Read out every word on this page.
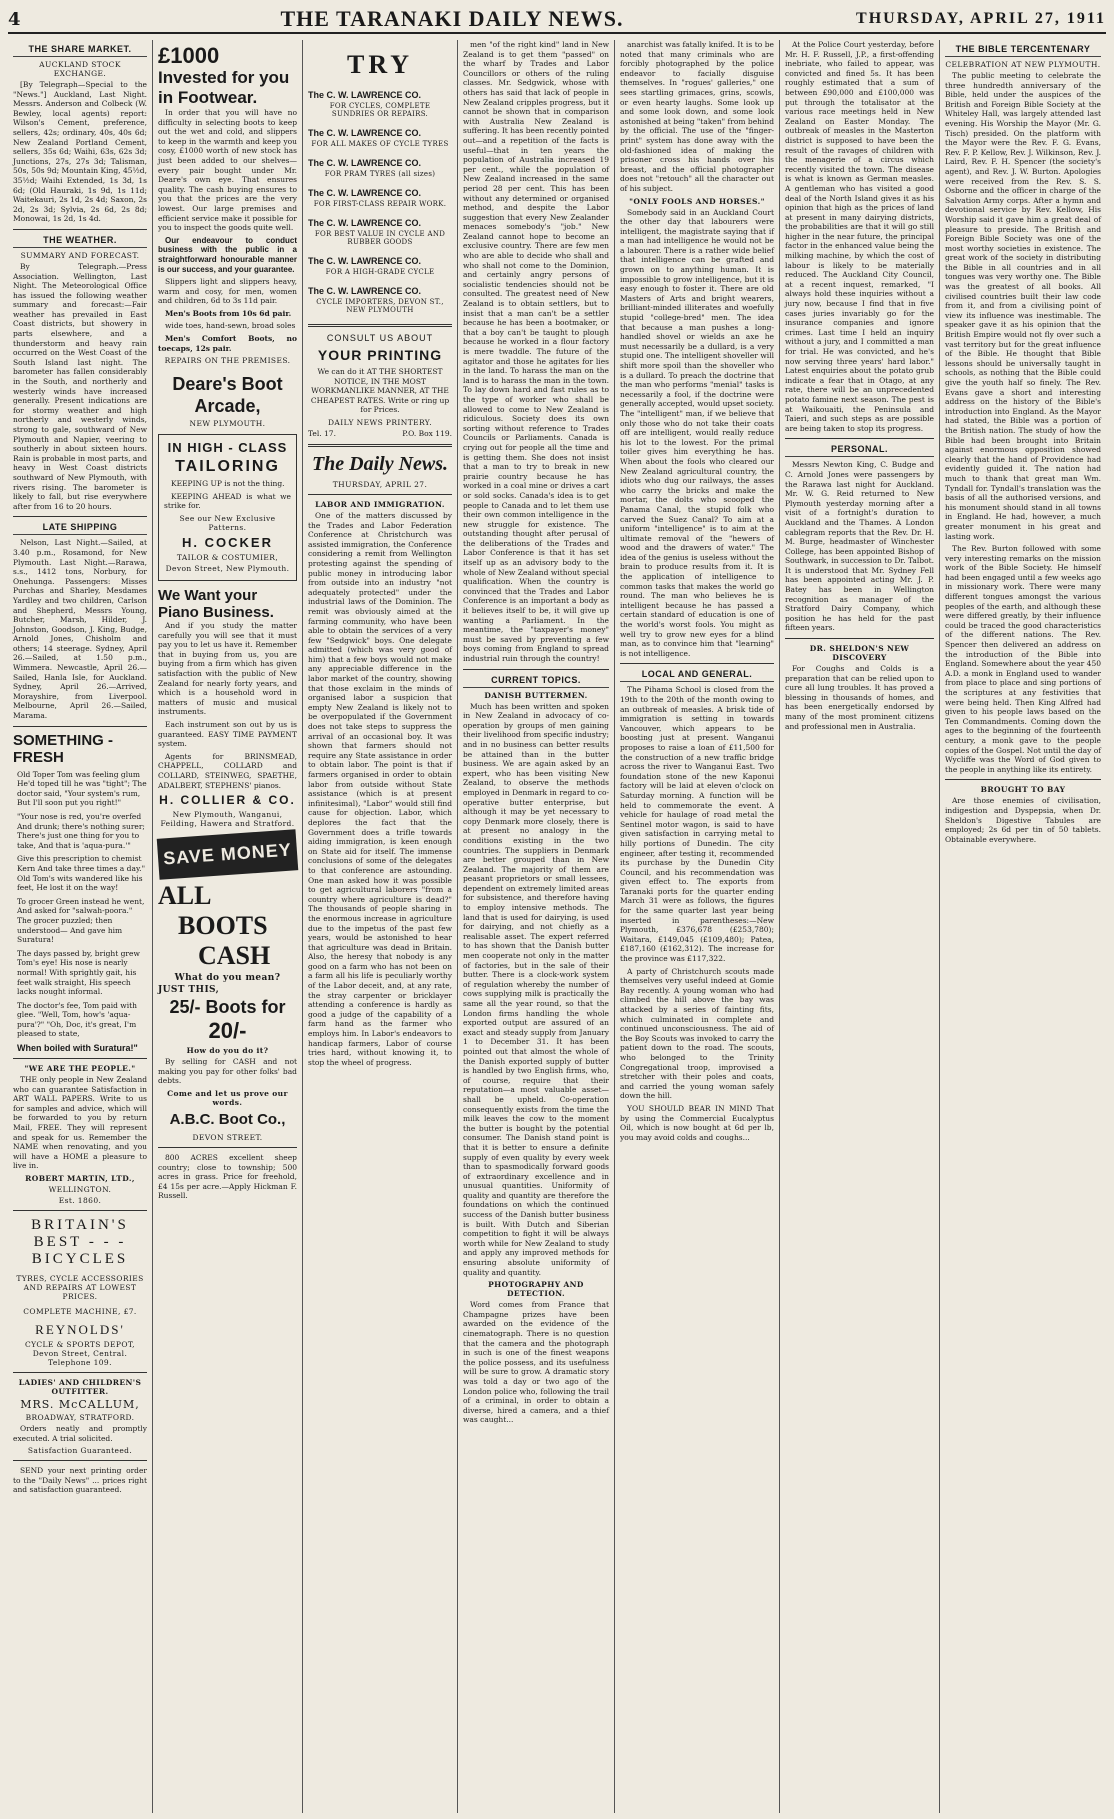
4	THE TARANAKI DAILY NEWS.	THURSDAY, APRIL 27, 1911
THE SHARE MARKET.
AUCKLAND STOCK EXCHANGE.

[By Telegraph—Special to the "News."] Auckland, Last Night. Messrs. Anderson and Colbeck (W. Bewley, local agents) report: Wilson's Cement, preference, sellers, 42s; ordinary, 40s, 40s 6d; New Zealand Portland Cement, sellers, 35s 6d; Waihi, 63s, 62s 3d; Junctions, 27s, 27s 3d; Talisman, 50s, 50s 9d; Mountain King, 45½d, 35½d; Waihi Extended, 1s 3d, 1s 6d; (Old Hauraki, 1s 9d, 1s 11d; Waitekauri, 2s 1d, 2s 4d; Saxon, 2s 2d, 2s 3d; Sylvia, 2s 6d, 2s 8d; Monowai, 1s 2d, 1s 4d.

THE WEATHER.
SUMMARY AND FORECAST.

By Telegraph.—Press Association. Wellington, Last Night. The Meteorological Office has issued the following weather summary and forecast:—Fair weather has prevailed in East Coast districts, but showery in parts elsewhere, and a thunderstorm and heavy rain occurred on the West Coast of the South Island last night. The barometer has fallen considerably in the South, and northerly and westerly winds have increased generally. Present indications are for stormy weather and high northerly and westerly winds, strong to gale, southward of New Plymouth and Napier, veering to southerly in about sixteen hours. Rain is probable in most parts, and heavy in West Coast districts southward of New Plymouth, with rivers rising. The barometer is likely to fall, but rise everywhere after from 16 to 20 hours.

LATE SHIPPING

Nelson, Last Night.—Sailed, at 3.40 p.m., Rosamond, for New Plymouth. Last Night.—Rarawa, s.s., 1412 tons, Norbury, for Onehunga. Passengers: Misses Purchas and Sharley, Mesdames Yardley and two children, Carlson and Shepherd, Messrs Young, Butcher, Marsh, Hilder, J. Johnston, Goodson, J. King, Budge, Arnold Jones, Chisholm and others; 14 steerage. Sydney, April 26.—Sailed, at 1.50 p.m., Wimmera. Newcastle, April 26.—Sailed, Hanla Isle, for Auckland. Sydney, April 26.—Arrived, Morayshire, from Liverpool. Melbourne, April 26.—Sailed, Marama.

SOMETHING - FRESH

Old Toper Tom was feeling glum He'd toped till he was "tight"; The doctor said, "Your system's rum, But I'll soon put you right!"

"Your nose is red, you're overfed And drunk; there's nothing surer; There's just one thing for you to take, And that is 'aqua-pura.'"

Give this prescription to chemist Kern And take three times a day." Old Tom's wits wandered like his feet, He lost it on the way!

To grocer Green instead he went, And asked for "salwah-poora." The grocer puzzled; then understood— And gave him Suratura!

The days passed by, bright grew Tom's eye! His nose is nearly normal! With sprightly gait, his feet walk straight, His speech lacks nought informal.

The doctor's fee, Tom paid with glee. "Well, Tom, how's 'aqua-pura'?" "Oh, Doc, it's great, I'm pleased to state,

When boiled with Suratura!"
"WE ARE THE PEOPLE."

THE only people in New Zealand who can guarantee Satisfaction in ART WALL PAPERS. Write to us for samples and advice, which will be forwarded to you by return Mail, FREE. They will represent and speak for us. Remember the NAME when renovating, and you will have a HOME a pleasure to live in.

ROBERT MARTIN, LTD.,
WELLINGTON.
Est. 1860.
BRITAIN'S
BEST - - -
BICYCLES
TYRES, CYCLE ACCESSORIES AND REPAIRS AT LOWEST PRICES.
COMPLETE MACHINE, £7.
REYNOLDS'
CYCLE & SPORTS DEPOT, Devon Street, Central. Telephone 109.
LADIES' AND CHILDREN'S OUTFITTER.
MRS. McCALLUM,
BROADWAY, STRATFORD.

Orders neatly and promptly executed. A trial solicited.

Satisfaction Guaranteed.

SEND your next printing order to the "Daily News" ... prices right and satisfaction guaranteed.

£1000
Invested for you in Footwear.

In order that you will have no difficulty in selecting boots to keep out the wet and cold, and slippers to keep in the warmth and keep you cosy, £1000 worth of new stock has just been added to our shelves—every pair bought under Mr. Deare's own eye. That ensures quality. The cash buying ensures to you that the prices are the very lowest. Our large premises and efficient service make it possible for you to inspect the goods quite well.

Our endeavour to conduct business with the public in a straightforward honourable manner is our success, and your guarantee.

Slippers light and slippers heavy, warm and cosy, for men, women and children, 6d to 3s 11d pair.

Men's Boots from 10s 6d pair.

wide toes, hand-sewn, broad soles

Men's Comfort Boots, no toecaps, 12s pair.

REPAIRS ON THE PREMISES.
Deare's Boot Arcade,
NEW PLYMOUTH.
IN HIGH - CLASS
TAILORING

KEEPING UP is not the thing.

KEEPING AHEAD is what we strike for.

See our New Exclusive Patterns.
H. COCKER
TAILOR & COSTUMIER,
Devon Street, New Plymouth.
We Want your Piano Business.

And if you study the matter carefully you will see that it must pay you to let us have it. Remember that in buying from us, you are buying from a firm which has given satisfaction with the public of New Zealand for nearly forty years, and which is a household word in matters of music and musical instruments.

Each instrument son out by us is guaranteed. EASY TIME PAYMENT system.

Agents for BRINSMEAD, CHAPPELL, COLLARD and COLLARD, STEINWEG, SPAETHE, ADALBERT, STEPHENS' pianos.

H. COLLIER & CO.
New Plymouth, Wanganui, Feilding, Hawera and Stratford.
SAVE MONEY
ALL
BOOTS
CASH
What do you mean?
JUST THIS,
25/- Boots for
20/-
How do you do it?

By selling for CASH and not making you pay for other folks' bad debts.

Come and let us prove our words.
A.B.C. Boot Co.,
DEVON STREET.

800 ACRES excellent sheep country; close to township; 500 acres in grass. Price for freehold, £4 15s per acre.—Apply Hickman F. Russell.

TRY
The C. W. LAWRENCE CO.
FOR CYCLES, COMPLETE SUNDRIES OR REPAIRS.
The C. W. LAWRENCE CO.
FOR ALL MAKES OF CYCLE TYRES
The C. W. LAWRENCE CO.
FOR PRAM TYRES (all sizes)
The C. W. LAWRENCE CO.
FOR FIRST-CLASS REPAIR WORK.
The C. W. LAWRENCE CO.
FOR BEST VALUE IN CYCLE AND RUBBER GOODS
The C. W. LAWRENCE CO.
FOR A HIGH-GRADE CYCLE
The C. W. LAWRENCE CO.
CYCLE IMPORTERS, DEVON ST., NEW PLYMOUTH
CONSULT US ABOUT
YOUR PRINTING

We can do it AT THE SHORTEST NOTICE, IN THE MOST WORKMANLIKE MANNER, AT THE CHEAPEST RATES. Write or ring up for Prices.

DAILY NEWS PRINTERY.
Tel. 17.	P.O. Box 119.
The Daily News.
THURSDAY, APRIL 27.
LABOR AND IMMIGRATION.

One of the matters discussed by the Trades and Labor Federation Conference at Christchurch was assisted immigration, the Conference considering a remit from Wellington protesting against the spending of public money in introducing labor from outside into an industry "not adequately protected" under the industrial laws of the Dominion. The remit was obviously aimed at the farming community, who have been able to obtain the services of a very few "Sedgwick" boys. One delegate admitted (which was very good of him) that a few boys would not make any appreciable difference in the labor market of the country, showing that those exclaim in the minds of organised labor a suspicion that empty New Zealand is likely not to be overpopulated if the Government does not take steps to suppress the arrival of an occasional boy. It was shown that farmers should not require any State assistance in order to obtain labor. The point is that if farmers organised in order to obtain labor from outside without State assistance (which is at present infinitesimal), "Labor" would still find cause for objection. Labor, which deplores the fact that the Government does a trifle towards aiding immigration, is keen enough on State aid for itself. The immense conclusions of some of the delegates to that conference are astounding. One man asked how it was possible to get agricultural laborers "from a country where agriculture is dead?" The thousands of people sharing in the enormous increase in agriculture due to the impetus of the past few years, would be astonished to hear that agriculture was dead in Britain. Also, the heresy that nobody is any good on a farm who has not been on a farm all his life is peculiarly worthy of the Labor deceit, and, at any rate, the stray carpenter or bricklayer attending a conference is hardly as good a judge of the capability of a farm hand as the farmer who employs him. In Labor's endeavors to handicap farmers, Labor of course tries hard, without knowing it, to stop the wheel of progress.

men "of the right kind" land in New Zealand is to get them "passed" on the wharf by Trades and Labor Councillors or others of the ruling classes. Mr. Sedgwick, whose with others has said that lack of people in New Zealand cripples progress, but it cannot be shown that in comparison with Australia New Zealand is suffering. It has been recently pointed out—and a repetition of the facts is useful—that in ten years the population of Australia increased 19 per cent., while the population of New Zealand increased in the same period 28 per cent. This has been without any determined or organised method, and despite the Labor suggestion that every New Zealander menaces somebody's "job." New Zealand cannot hope to become an exclusive country. There are few men who are able to decide who shall and who shall not come to the Dominion, and certainly angry persons of socialistic tendencies should not be consulted. The greatest need of New Zealand is to obtain settlers, but to insist that a man can't be a settler because he has been a bootmaker, or that a boy can't be taught to plough because he worked in a flour factory is mere twaddle. The future of the agitator and those he agitates for lies in the land. To harass the man on the land is to harass the man in the town. To lay down hard and fast rules as to the type of worker who shall be allowed to come to New Zealand is ridiculous. Society does its own sorting without reference to Trades Councils or Parliaments. Canada is crying out for people all the time and is getting them. She does not insist that a man to try to break in new prairie country because he has worked in a coal mine or drives a cart or sold socks. Canada's idea is to get people to Canada and to let them use their own common intelligence in the new struggle for existence. The outstanding thought after perusal of the deliberations of the Trades and Labor Conference is that it has set itself up as an advisory body to the whole of New Zealand without special qualification. When the country is convinced that the Trades and Labor Conference is an important a body as it believes itself to be, it will give up wanting a Parliament. In the meantime, the "taxpayer's money" must be saved by preventing a few boys coming from England to spread industrial ruin through the country!

CURRENT TOPICS.
DANISH BUTTERMEN.

Much has been written and spoken in New Zealand in advocacy of co-operation by groups of men gaining their livelihood from specific industry; and in no business can better results be attained than in the butter business. We are again asked by an expert, who has been visiting New Zealand, to observe the methods employed in Denmark in regard to co-operative butter enterprise, but although it may be yet necessary to copy Denmark more closely, there is at present no analogy in the conditions existing in the two countries. The suppliers in Denmark are better grouped than in New Zealand. The majority of them are peasant proprietors or small lessees, dependent on extremely limited areas for subsistence, and therefore having to employ intensive methods. The land that is used for dairying, is used for dairying, and not chiefly as a realisable asset. The expert referred to has shown that the Danish butter men cooperate not only in the matter of factories, but in the sale of their butter. There is a clock-work system of regulation whereby the number of cows supplying milk is practically the same all the year round, so that the London firms handling the whole exported output are assured of an exact and steady supply from January 1 to December 31. It has been pointed out that almost the whole of the Danish exported supply of butter is handled by two English firms, who, of course, require that their reputation—a most valuable asset—shall be upheld. Co-operation consequently exists from the time the milk leaves the cow to the moment the butter is bought by the potential consumer. The Danish stand point is that it is better to ensure a definite supply of even quality by every week than to spasmodically forward goods of extraordinary excellence and in unusual quantities. Uniformity of quality and quantity are therefore the foundations on which the continued success of the Danish butter business is built. With Dutch and Siberian competition to fight it will be always worth while for New Zealand to study and apply any improved methods for ensuring absolute uniformity of quality and quantity.

PHOTOGRAPHY AND DETECTION.

Word comes from France that Champagne prizes have been awarded on the evidence of the cinematograph. There is no question that the camera and the photograph in such is one of the finest weapons the police possess, and its usefulness will be sure to grow. A dramatic story was told a day or two ago of the London police who, following the trail of a criminal, in order to obtain a diverse, hired a camera, and a thief was caught...

anarchist was fatally knifed. It is to be noted that many criminals who are forcibly photographed by the police endeavor to facially disguise themselves. In "rogues' galleries," one sees startling grimaces, grins, scowls, or even hearty laughs. Some look up and some look down, and some look astonished at being "taken" from behind by the official. The use of the "finger-print" system has done away with the old-fashioned idea of making the prisoner cross his hands over his breast, and the official photographer does not "retouch" all the character out of his subject.

"ONLY FOOLS AND HORSES."

Somebody said in an Auckland Court the other day that labourers were intelligent, the magistrate saying that if a man had intelligence he would not be a labourer. There is a rather wide belief that intelligence can be grafted and grown on to anything human. It is impossible to grow intelligence, but it is easy enough to foster it. There are old Masters of Arts and bright wearers, brilliant-minded illiterates and woefully stupid "college-bred" men. The idea that because a man pushes a long-handled shovel or wields an axe he must necessarily be a dullard, is a very stupid one. The intelligent shoveller will shift more spoil than the shoveller who is a dullard. To preach the doctrine that the man who performs "menial" tasks is necessarily a fool, if the doctrine were generally accepted, would upset society. The "intelligent" man, if we believe that only those who do not take their coats off are intelligent, would really reduce his lot to the lowest. For the primal toiler gives him everything he has. When about the fools who cleared our New Zealand agricultural country, the idiots who dug our railways, the asses who carry the bricks and make the mortar, the dolts who scooped the Panama Canal, the stupid folk who carved the Suez Canal? To aim at a uniform "intelligence" is to aim at the ultimate removal of the "hewers of wood and the drawers of water." The idea of the genius is useless without the brain to produce results from it. It is the application of intelligence to common tasks that makes the world go round. The man who believes he is intelligent because he has passed a certain standard of education is one of the world's worst fools. You might as well try to grow new eyes for a blind man, as to convince him that "learning" is not intelligence.

LOCAL AND GENERAL.

The Pihama School is closed from the 19th to the 20th of the month owing to an outbreak of measles. A brisk tide of immigration is setting in towards Vancouver, which appears to be boosting just at present. Wanganui proposes to raise a loan of £11,500 for the construction of a new traffic bridge across the river to Wanganui East. Two foundation stone of the new Kaponui factory will be laid at eleven o'clock on Saturday morning. A function will be held to commemorate the event. A vehicle for haulage of road metal the Sentinel motor wagon, is said to have given satisfaction in carrying metal to hilly portions of Dunedin. The city engineer, after testing it, recommended its purchase by the Dunedin City Council, and his recommendation was given effect to. The exports from Taranaki ports for the quarter ending March 31 were as follows, the figures for the same quarter last year being inserted in parentheses:—New Plymouth, £376,678 (£253,780); Waitara, £149,045 (£109,480); Patea, £187,160 (£162,312). The increase for the province was £117,322.

A party of Christchurch scouts made themselves very useful indeed at Gomie Bay recently. A young woman who had climbed the hill above the bay was attacked by a series of fainting fits, which culminated in complete and continued unconsciousness. The aid of the Boy Scouts was invoked to carry the patient down to the road. The scouts, who belonged to the Trinity Congregational troop, improvised a stretcher with their poles and coats, and carried the young woman safely down the hill.

YOU SHOULD BEAR IN MIND That by using the Commercial Eucalyptus Oil, which is now bought at 6d per lb, you may avoid colds and coughs...

At the Police Court yesterday, before Mr. H. F. Russell, J.P., a first-offending inebriate, who failed to appear, was convicted and fined 5s. It has been roughly estimated that a sum of between £90,000 and £100,000 was put through the totalisator at the various race meetings held in New Zealand on Easter Monday. The outbreak of measles in the Masterton district is supposed to have been the result of the ravages of children with the menagerie of a circus which recently visited the town. The disease is what is known as German measles. A gentleman who has visited a good deal of the North Island gives it as his opinion that high as the prices of land at present in many dairying districts, the probabilities are that it will go still higher in the near future, the principal factor in the enhanced value being the milking machine, by which the cost of labour is likely to be materially reduced. The Auckland City Council, at a recent inquest, remarked, "I always hold these inquiries without a jury now, because I find that in five cases juries invariably go for the insurance companies and ignore crimes. Last time I held an inquiry without a jury, and I committed a man for trial. He was convicted, and he's now serving three years' hard labor." Latest enquiries about the potato grub indicate a fear that in Otago, at any rate, there will be an unprecedented potato famine next season. The pest is at Waikouaiti, the Peninsula and Taieri, and such steps as are possible are being taken to stop its progress.

PERSONAL.

Messrs Newton King, C. Budge and C. Arnold Jones were passengers by the Rarawa last night for Auckland. Mr. W. G. Reid returned to New Plymouth yesterday morning after a visit of a fortnight's duration to Auckland and the Thames. A London cablegram reports that the Rev. Dr. H. M. Burge, headmaster of Winchester College, has been appointed Bishop of Southwark, in succession to Dr. Talbot. It is understood that Mr. Sydney Fell has been appointed acting Mr. J. P. Batey has been in Wellington recognition as manager of the Stratford Dairy Company, which position he has held for the past fifteen years.

DR. SHELDON'S NEW DISCOVERY

For Coughs and Colds is a preparation that can be relied upon to cure all lung troubles. It has proved a blessing in thousands of homes, and has been energetically endorsed by many of the most prominent citizens and professional men in Australia.

THE BIBLE TERCENTENARY
CELEBRATION AT NEW PLYMOUTH.

The public meeting to celebrate the three hundredth anniversary of the Bible, held under the auspices of the British and Foreign Bible Society at the Whiteley Hall, was largely attended last evening. His Worship the Mayor (Mr. G. Tisch) presided. On the platform with the Mayor were the Rev. F. G. Evans, Rev. F. P. Kellow, Rev. J. Wilkinson, Rev. J. Laird, Rev. F. H. Spencer (the society's agent), and Rev. J. W. Burton. Apologies were received from the Rev. S. S. Osborne and the officer in charge of the Salvation Army corps. After a hymn and devotional service by Rev. Kellow, His Worship said it gave him a great deal of pleasure to preside. The British and Foreign Bible Society was one of the most worthy societies in existence. The great work of the society in distributing the Bible in all countries and in all tongues was very worthy one. The Bible was the greatest of all books. All civilised countries built their law code from it, and from a civilising point of view its influence was inestimable. The speaker gave it as his opinion that the British Empire would not fly over such a vast territory but for the great influence of the Bible. He thought that Bible lessons should be universally taught in schools, as nothing that the Bible could give the youth half so finely. The Rev. Evans gave a short and interesting address on the history of the Bible's introduction into England. As the Mayor had stated, the Bible was a portion of the British nation. The study of how the Bible had been brought into Britain against enormous opposition showed clearly that the hand of Providence had evidently guided it. The nation had much to thank that great man Wm. Tyndall for. Tyndall's translation was the basis of all the authorised versions, and his monument should stand in all towns in England. He had, however, a much greater monument in his great and lasting work.

The Rev. Burton followed with some very interesting remarks on the mission work of the Bible Society. He himself had been engaged until a few weeks ago in missionary work. There were many different tongues amongst the various peoples of the earth, and although these were differed greatly, by their influence could be traced the good characteristics of the different nations. The Rev. Spencer then delivered an address on the introduction of the Bible into England. Somewhere about the year 450 A.D. a monk in England used to wander from place to place and sing portions of the scriptures at any festivities that were being held. Then King Alfred had given to his people laws based on the Ten Commandments. Coming down the ages to the beginning of the fourteenth century, a monk gave to the people copies of the Gospel. Not until the day of Wycliffe was the Word of God given to the people in anything like its entirety.

BROUGHT TO BAY

Are those enemies of civilisation, indigestion and Dyspepsia, when Dr. Sheldon's Digestive Tabules are employed; 2s 6d per tin of 50 tablets. Obtainable everywhere.
